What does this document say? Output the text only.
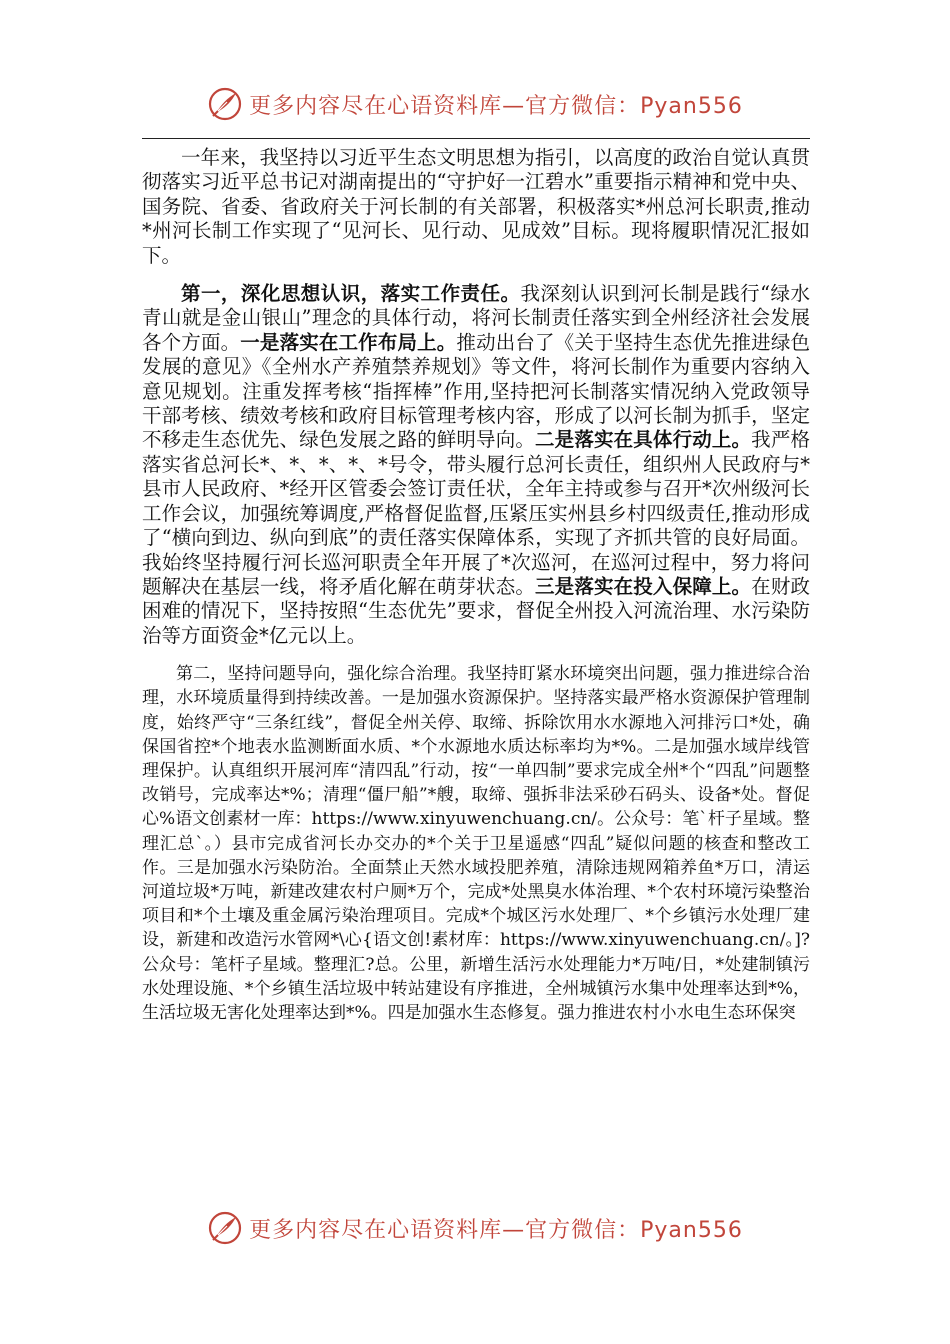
更多内容尽在心语资料库—官方微信：Pyan556

一年来，我坚持以习近平生态文明思想为指引，以高度的政治自觉认真贯彻落实习近平总书记对湖南提出的“守护好一江碧水”重要指示精神和党中央、国务院、省委、省政府关于河长制的有关部署，积极落实*州总河长职责,推动*州河长制工作实现了“见河长、见行动、见成效”目标。现将履职情况汇报如下。

第一，深化思想认识，落实工作责任。我深刻认识到河长制是践行“绿水青山就是金山银山”理念的具体行动，将河长制责任落实到全州经济社会发展各个方面。一是落实在工作布局上。推动出台了《关于坚持生态优先推进绿色发展的意见》《全州水产养殖禁养规划》等文件，将河长制作为重要内容纳入意见规划。注重发挥考核“指挥棒”作用,坚持把河长制落实情况纳入党政领导干部考核、绩效考核和政府目标管理考核内容，形成了以河长制为抓手，坚定不移走生态优先、绿色发展之路的鲜明导向。二是落实在具体行动上。我严格落实省总河长*、*、*、*、*号令，带头履行总河长责任，组织州人民政府与*县市人民政府、*经开区管委会签订责任状，全年主持或参与召开*次州级河长工作会议，加强统筹调度,严格督促监督,压紧压实州县乡村四级责任,推动形成了“横向到边、纵向到底”的责任落实保障体系，实现了齐抓共管的良好局面。我始终坚持履行河长巡河职责全年开展了*次巡河，在巡河过程中，努力将问题解决在基层一线，将矛盾化解在萌芽状态。三是落实在投入保障上。在财政困难的情况下，坚持按照“生态优先”要求，督促全州投入河流治理、水污染防治等方面资金*亿元以上。

第二，坚持问题导向，强化综合治理。我坚持盯紧水环境突出问题，强力推进综合治理，水环境质量得到持续改善。一是加强水资源保护。坚持落实最严格水资源保护管理制度，始终严守“三条红线”，督促全州关停、取缔、拆除饮用水水源地入河排污口*处，确保国省控*个地表水监测断面水质、*个水源地水质达标率均为*%。二是加强水域岸线管理保护。认真组织开展河库“清四乱”行动，按“一单四制”要求完成全州*个“四乱”问题整改销号，完成率达*%；清理“僵尸船”*艘，取缔、强拆非法采砂石码头、设备*处。督促心%语文创素材一库：https://www.xinyuwenchuang.cn/。公众号：笔`杆子星域。整理汇总`。）县市完成省河长办交办的*个关于卫星遥感“四乱”疑似问题的核查和整改工作。三是加强水污染防治。全面禁止天然水域投肥养殖，清除违规网箱养鱼*万口，清运河道垃圾*万吨，新建改建农村户厕*万个，完成*处黑臭水体治理、*个农村环境污染整治项目和*个土壤及重金属污染治理项目。完成*个城区污水处理厂、*个乡镇污水处理厂建设，新建和改造污水管网*\心{语文创!素材库：https://www.xinyuwenchuang.cn/。]?公众号：笔杆子星域。整理汇?总。公里，新增生活污水处理能力*万吨/日，*处建制镇污水处理设施、*个乡镇生活垃圾中转站建设有序推进，全州城镇污水集中处理率达到*%，生活垃圾无害化处理率达到*%。四是加强水生态修复。强力推进农村小水电生态环保突

更多内容尽在心语资料库—官方微信：Pyan556
